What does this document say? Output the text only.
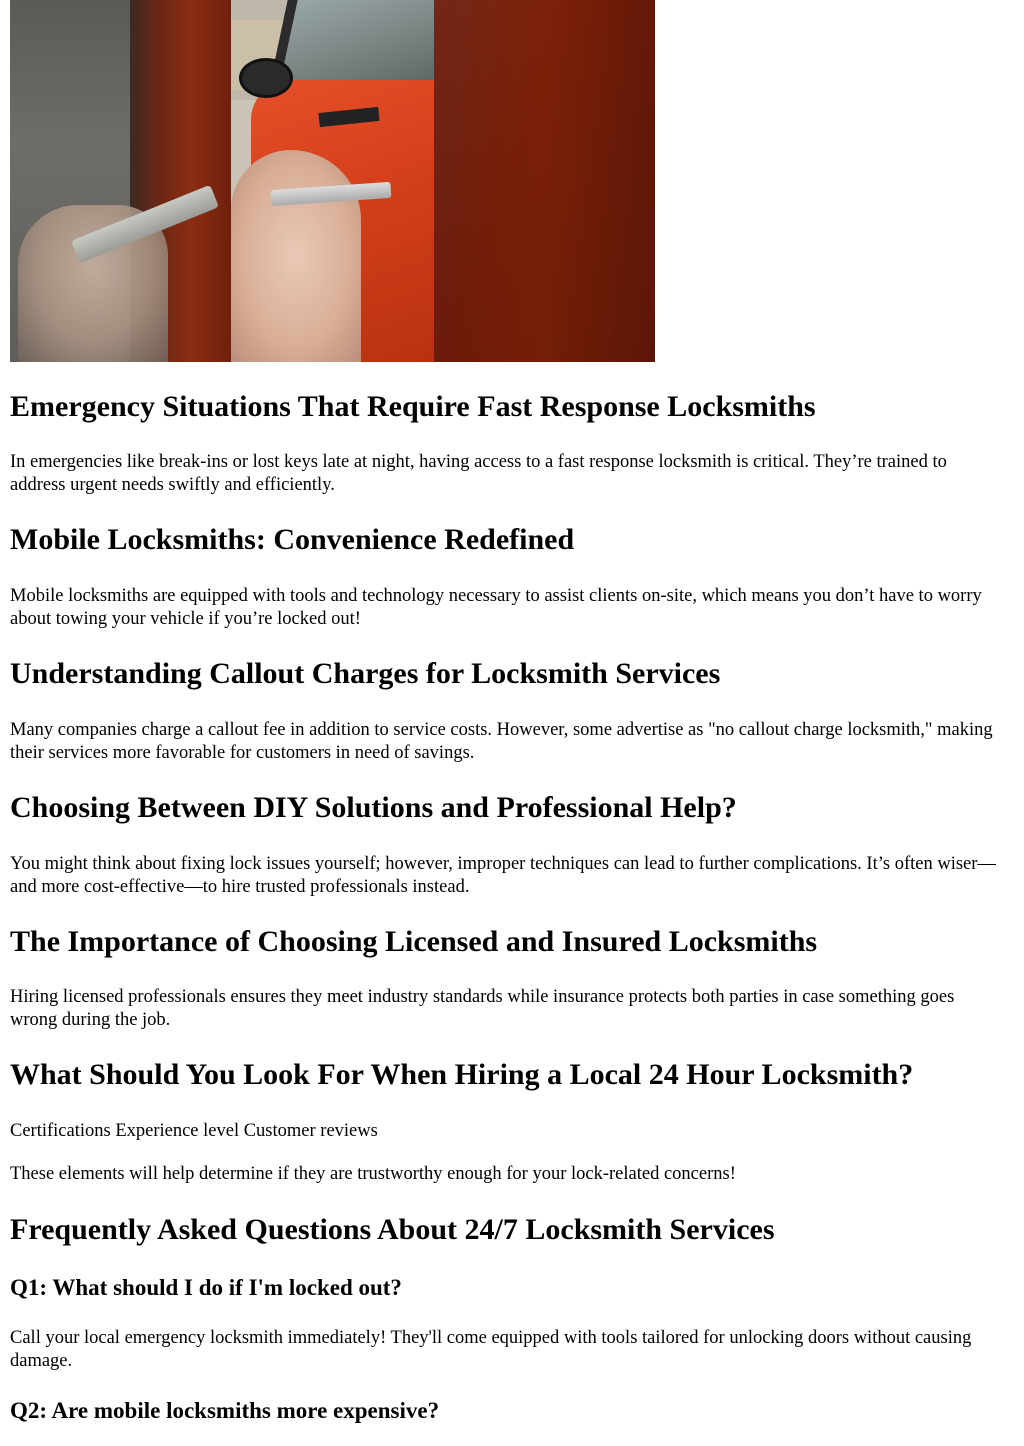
Emergency Situations That Require Fast Response Locksmiths

In emergencies like break-ins or lost keys late at night, having access to a fast response locksmith is critical. They’re trained to address urgent needs swiftly and efficiently.

Mobile Locksmiths: Convenience Redefined

Mobile locksmiths are equipped with tools and technology necessary to assist clients on-site, which means you don’t have to worry about towing your vehicle if you’re locked out!

Understanding Callout Charges for Locksmith Services

Many companies charge a callout fee in addition to service costs. However, some advertise as "no callout charge locksmith," making their services more favorable for customers in need of savings.

Choosing Between DIY Solutions and Professional Help?

You might think about fixing lock issues yourself; however, improper techniques can lead to further complications. It’s often wiser—and more cost-effective—to hire trusted professionals instead.

The Importance of Choosing Licensed and Insured Locksmiths

Hiring licensed professionals ensures they meet industry standards while insurance protects both parties in case something goes wrong during the job.

What Should You Look For When Hiring a Local 24 Hour Locksmith?

Certifications Experience level Customer reviews

These elements will help determine if they are trustworthy enough for your lock-related concerns!

Frequently Asked Questions About 24/7 Locksmith Services
Q1: What should I do if I'm locked out?

Call your local emergency locksmith immediately! They'll come equipped with tools tailored for unlocking doors without causing damage.

Q2: Are mobile locksmiths more expensive?
